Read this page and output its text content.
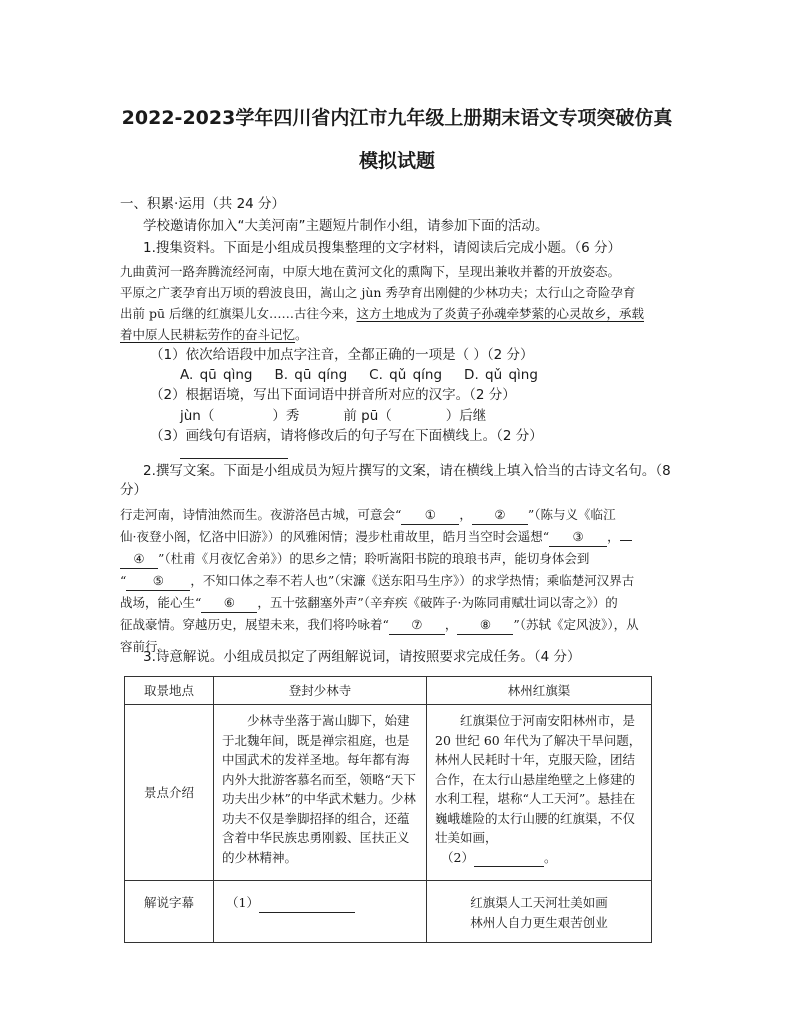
2022-2023学年四川省内江市九年级上册期末语文专项突破仿真
模拟试题
一、积累·运用（共 24 分）
学校邀请你加入“大美河南”主题短片制作小组，请参加下面的活动。
1.搜集资料。下面是小组成员搜集整理的文字材料，请阅读后完成小题。（6 分）
九曲黄河一路奔腾流经河南，中原大地在黄河文化的熏陶下，呈现出兼收并蓄的开放姿态。
平原之广袤孕育出万顷的碧波良田，嵩山之 jùn 秀孕育出刚健的少林功夫；太行山之奇险孕育
出前 pū 后继的红旗渠儿女……古往今来，这方土地成为了炎黄子孙魂牵梦萦的心灵故乡，承载
着中原人民耕耘劳作的奋斗记忆。
（1）依次给语段中加点字注音，全都正确的一项是（ ）（2 分）
A. qū qìng B. qū qíng C. qǔ qíng D. qǔ qìng
（2）根据语境，写出下面词语中拼音所对应的汉字。（2 分）
jùn（	）秀	前 pū（	）后继
（3）画线句有语病，请将修改后的句子写在下面横线上。（2 分）
2.撰写文案。下面是小组成员为短片撰写的文案，请在横线上填入恰当的古诗文名句。（8
分）
行走河南，诗情油然而生。夜游洛邑古城，可意会“ ① ， ② ”（陈与义《临江
仙·夜登小阁，忆洛中旧游》）的风雅闲情；漫步杜甫故里，皓月当空时会遥想“ ③ ，
④ ”（杜甫《月夜忆舍弟》）的思乡之情；聆听嵩阳书院的琅琅书声，能切身体会到
“ ⑤ ，不知口体之奉不若人也”（宋濂《送东阳马生序》）的求学热情；乘临楚河汉界古
战场，能心生“ ⑥ ，五十弦翻塞外声”（辛弃疾《破阵子·为陈同甫赋壮词以寄之》）的
征战豪情。穿越历史，展望未来，我们将吟咏着“ ⑦ ， ⑧ ”（苏轼《定风波》），从
容前行。
3.诗意解说。小组成员拟定了两组解说词，请按照要求完成任务。（4 分）
取景地点	登封少林寺	林州红旗渠
景点介绍	少林寺坐落于嵩山脚下，始建于北魏年间，既是禅宗祖庭，也是中国武术的发祥圣地。每年都有海内外大批游客慕名而至，领略“天下功夫出少林”的中华武术魅力。少林功夫不仅是拳脚招择的组合，还蕴含着中华民族忠勇刚毅、匡扶正义的少林精神。	红旗渠位于河南安阳林州市，是 20 世纪 60 年代为了解决干旱问题，林州人民耗时十年，克服天险，团结合作，在太行山悬崖绝壁之上修建的水利工程，堪称“人工天河”。悬挂在巍峨雄险的太行山腰的红旗渠，不仅壮美如画，
（2） 。

解说字幕	（1）	红旗渠人工天河壮美如画
林州人自力更生艰苦创业
